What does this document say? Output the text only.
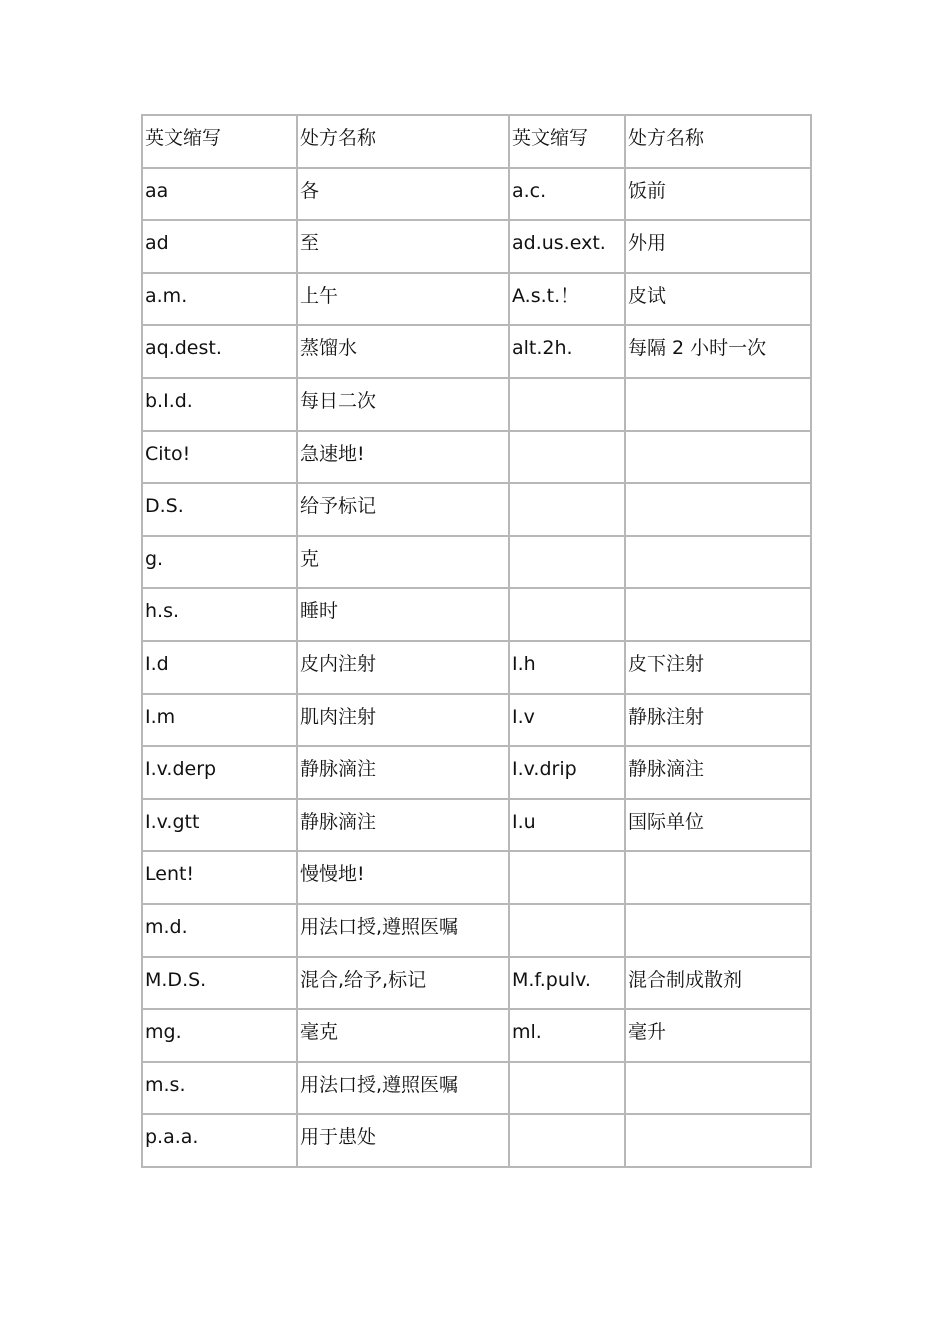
英文缩写	处方名称	英文缩写	处方名称

aa	各	a.c.	饭前

ad	至	ad.us.ext.	外用

a.m.	上午	A.s.t.！	皮试

aq.dest.	蒸馏水	alt.2h.	每隔 2 小时一次

b.I.d.	每日二次		

Cito!	急速地!		

D.S.	给予标记		

g.	克		

h.s.	睡时		

I.d	皮内注射	I.h	皮下注射

I.m	肌肉注射	I.v	静脉注射

I.v.derp	静脉滴注	I.v.drip	静脉滴注

I.v.gtt	静脉滴注	I.u	国际单位

Lent!	慢慢地!		

m.d.	用法口授,遵照医嘱		

M.D.S.	混合,给予,标记	M.f.pulv.	混合制成散剂

mg.	毫克	ml.	毫升

m.s.	用法口授,遵照医嘱		

p.a.a.	用于患处		
